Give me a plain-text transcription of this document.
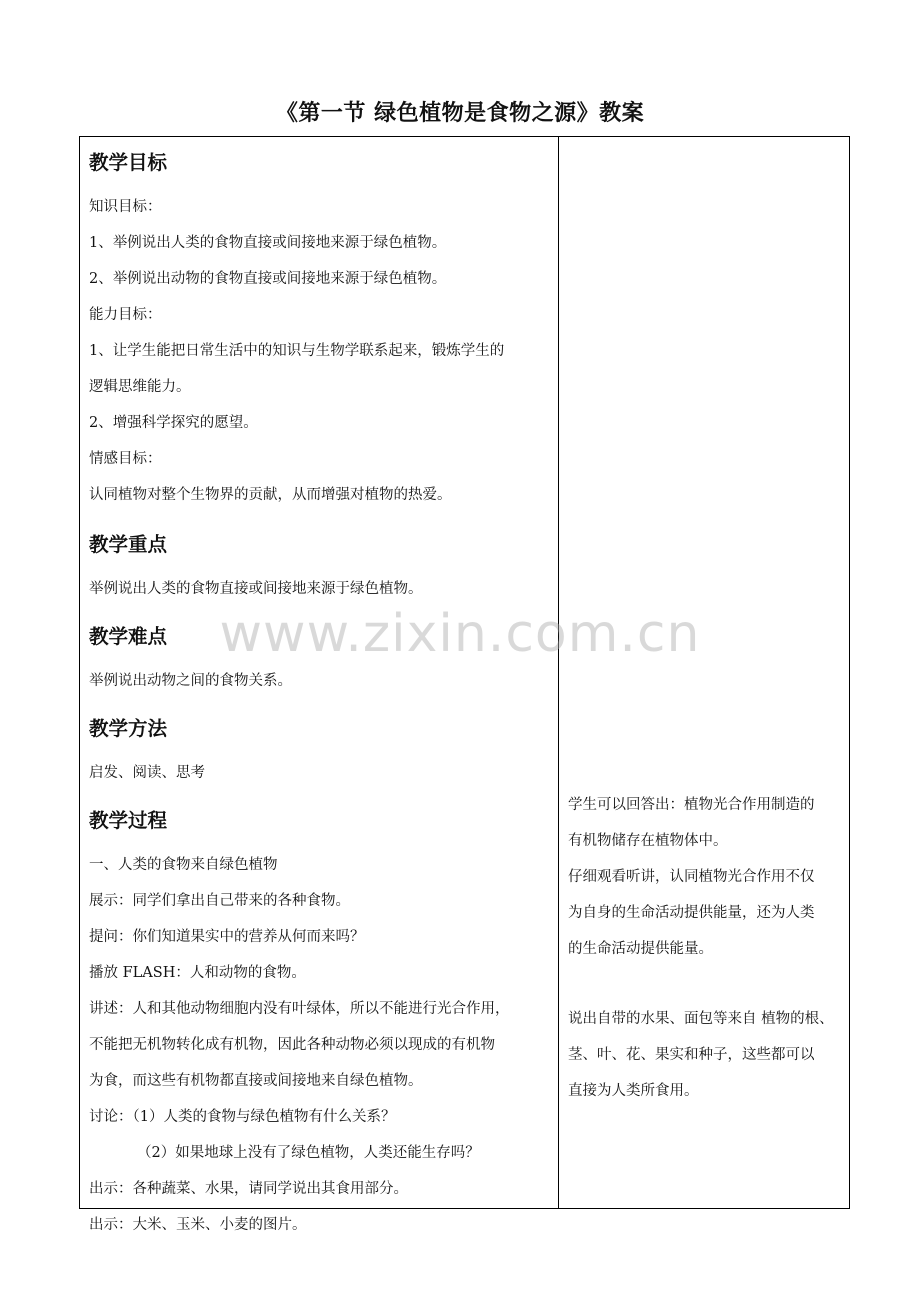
《第一节 绿色植物是食物之源》教案
教学目标
知识目标：
1、举例说出人类的食物直接或间接地来源于绿色植物。
2、举例说出动物的食物直接或间接地来源于绿色植物。
能力目标：
1、让学生能把日常生活中的知识与生物学联系起来，锻炼学生的
逻辑思维能力。
2、增强科学探究的愿望。
情感目标：
认同植物对整个生物界的贡献，从而增强对植物的热爱。
教学重点
举例说出人类的食物直接或间接地来源于绿色植物。
教学难点
举例说出动物之间的食物关系。
教学方法
启发、阅读、思考
教学过程
一、人类的食物来自绿色植物
展示：同学们拿出自己带来的各种食物。
提问：你们知道果实中的营养从何而来吗？
播放 FLASH：人和动物的食物。
讲述：人和其他动物细胞内没有叶绿体，所以不能进行光合作用，
不能把无机物转化成有机物，因此各种动物必须以现成的有机物
为食，而这些有机物都直接或间接地来自绿色植物。
讨论：（1）人类的食物与绿色植物有什么关系？
（2）如果地球上没有了绿色植物，人类还能生存吗？
出示：各种蔬菜、水果，请同学说出其食用部分。
出示：大米、玉米、小麦的图片。
学生可以回答出：植物光合作用制造的
有机物储存在植物体中。
仔细观看听讲，认同植物光合作用不仅
为自身的生命活动提供能量，还为人类
的生命活动提供能量。
说出自带的水果、面包等来自 植物的根、
茎、叶、花、果实和种子，这些都可以
直接为人类所食用。
www.zixin.com.cn
